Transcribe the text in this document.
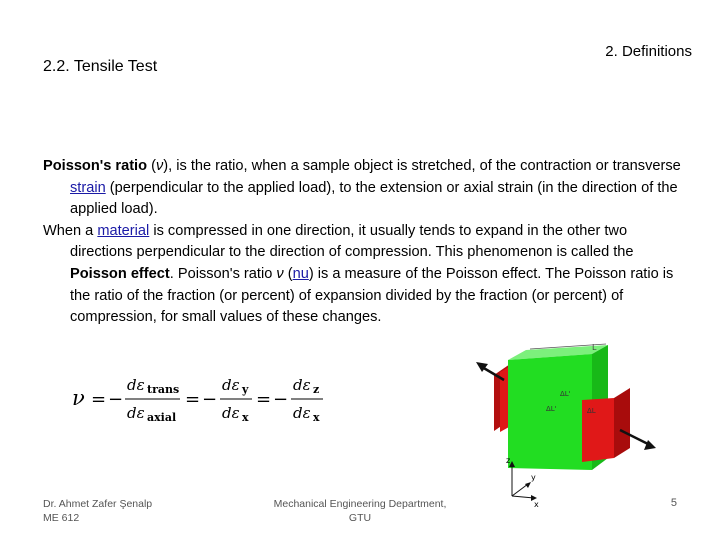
2.2. Tensile Test
2. Definitions
Poisson's ratio (ν), is the ratio, when a sample object is stretched, of the contraction or transverse strain (perpendicular to the applied load), to the extension or axial strain (in the direction of the applied load).
When a material is compressed in one direction, it usually tends to expand in the other two directions perpendicular to the direction of compression. This phenomenon is called the Poisson effect. Poisson's ratio ν (nu) is a measure of the Poisson effect. The Poisson ratio is the ratio of the fraction (or percent) of expansion divided by the fraction (or percent) of compression, for small values of these changes.
ν = −
dε trans
dε axial
= −
dε y
dε x
= −
dε z
dε x
L
ΔL'
ΔL'	ΔL
z
y
x
Dr. Ahmet Zafer Şenalp
ME 612
Mechanical Engineering Department,
GTU
5
